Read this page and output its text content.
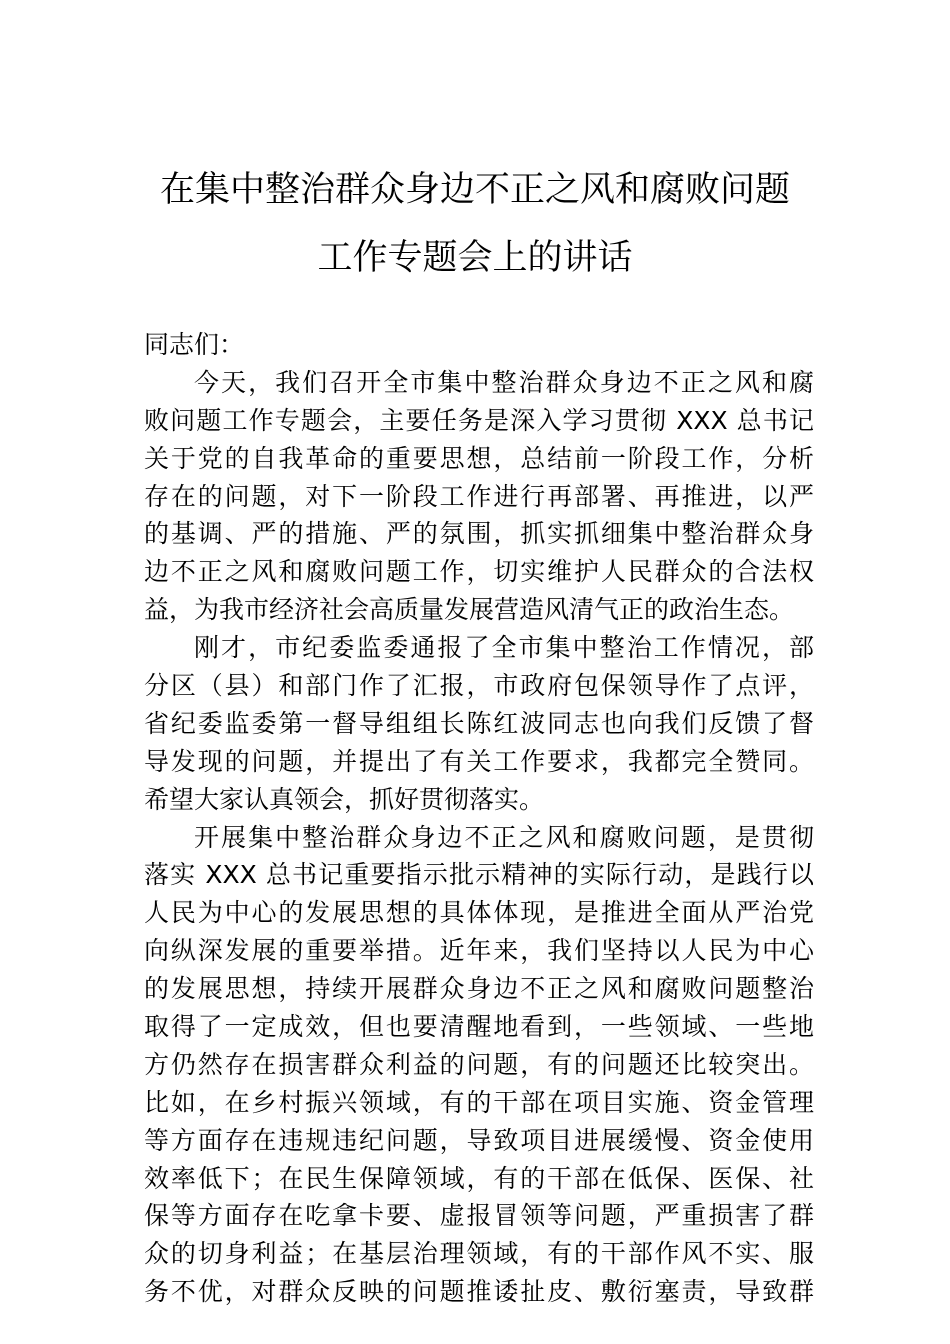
在集中整治群众身边不正之风和腐败问题
工作专题会上的讲话
同志们：
今天，我们召开全市集中整治群众身边不正之风和腐
败问题工作专题会，主要任务是深入学习贯彻 XXX 总书记
关于党的自我革命的重要思想，总结前一阶段工作，分析
存在的问题，对下一阶段工作进行再部署、再推进，以严
的基调、严的措施、严的氛围，抓实抓细集中整治群众身
边不正之风和腐败问题工作，切实维护人民群众的合法权
益，为我市经济社会高质量发展营造风清气正的政治生态。
刚才，市纪委监委通报了全市集中整治工作情况，部
分区（县）和部门作了汇报，市政府包保领导作了点评，
省纪委监委第一督导组组长陈红波同志也向我们反馈了督
导发现的问题，并提出了有关工作要求，我都完全赞同。
希望大家认真领会，抓好贯彻落实。
开展集中整治群众身边不正之风和腐败问题，是贯彻
落实 XXX 总书记重要指示批示精神的实际行动，是践行以
人民为中心的发展思想的具体体现，是推进全面从严治党
向纵深发展的重要举措。近年来，我们坚持以人民为中心
的发展思想，持续开展群众身边不正之风和腐败问题整治
取得了一定成效，但也要清醒地看到，一些领域、一些地
方仍然存在损害群众利益的问题，有的问题还比较突出。
比如，在乡村振兴领域，有的干部在项目实施、资金管理
等方面存在违规违纪问题，导致项目进展缓慢、资金使用
效率低下；在民生保障领域，有的干部在低保、医保、社
保等方面存在吃拿卡要、虚报冒领等问题，严重损害了群
众的切身利益；在基层治理领域，有的干部作风不实、服
务不优，对群众反映的问题推诿扯皮、敷衍塞责，导致群
